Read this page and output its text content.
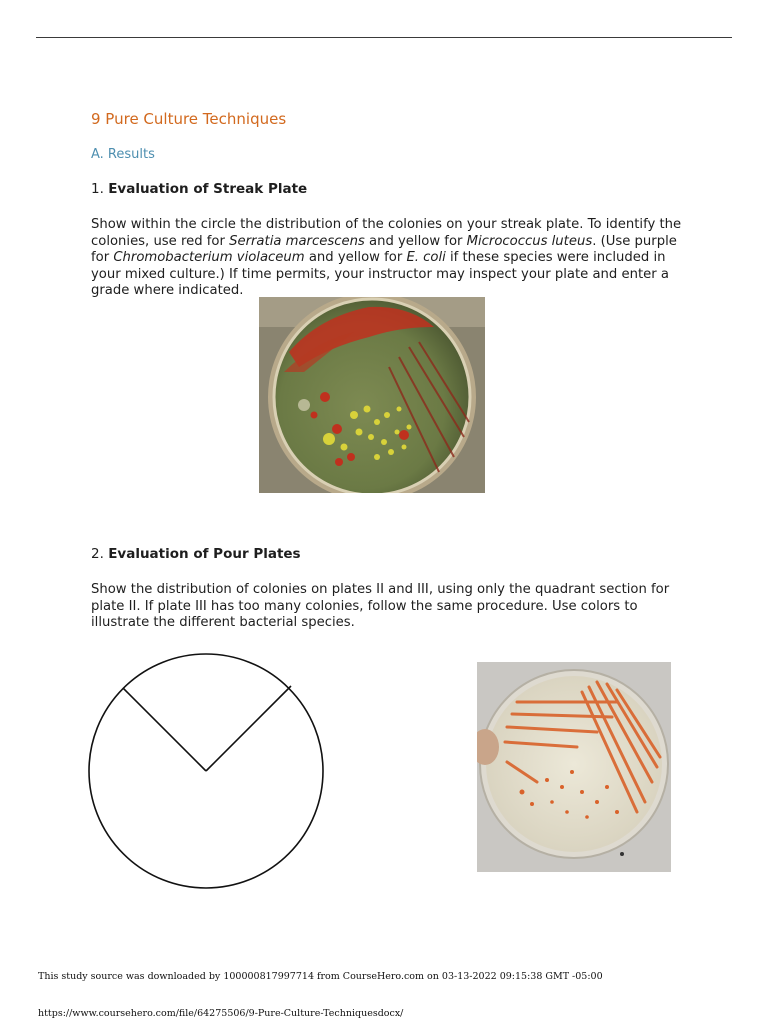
9 Pure Culture Techniques
A. Results
1. Evaluation of Streak Plate
Show within the circle the distribution of the colonies on your streak plate. To identify the colonies, use red for Serratia marcescens and yellow for Micrococcus luteus. (Use purple for Chromobacterium violaceum and yellow for E. coli if these species were included in your mixed culture.) If time permits, your instructor may inspect your plate and enter a grade where indicated.
2. Evaluation of Pour Plates
Show the distribution of colonies on plates II and III, using only the quadrant section for plate II. If plate III has too many colonies, follow the same procedure. Use colors to illustrate the different bacterial species.
This study source was downloaded by 100000817997714 from CourseHero.com on 03-13-2022 09:15:38 GMT -05:00
https://www.coursehero.com/file/64275506/9-Pure-Culture-Techniquesdocx/
